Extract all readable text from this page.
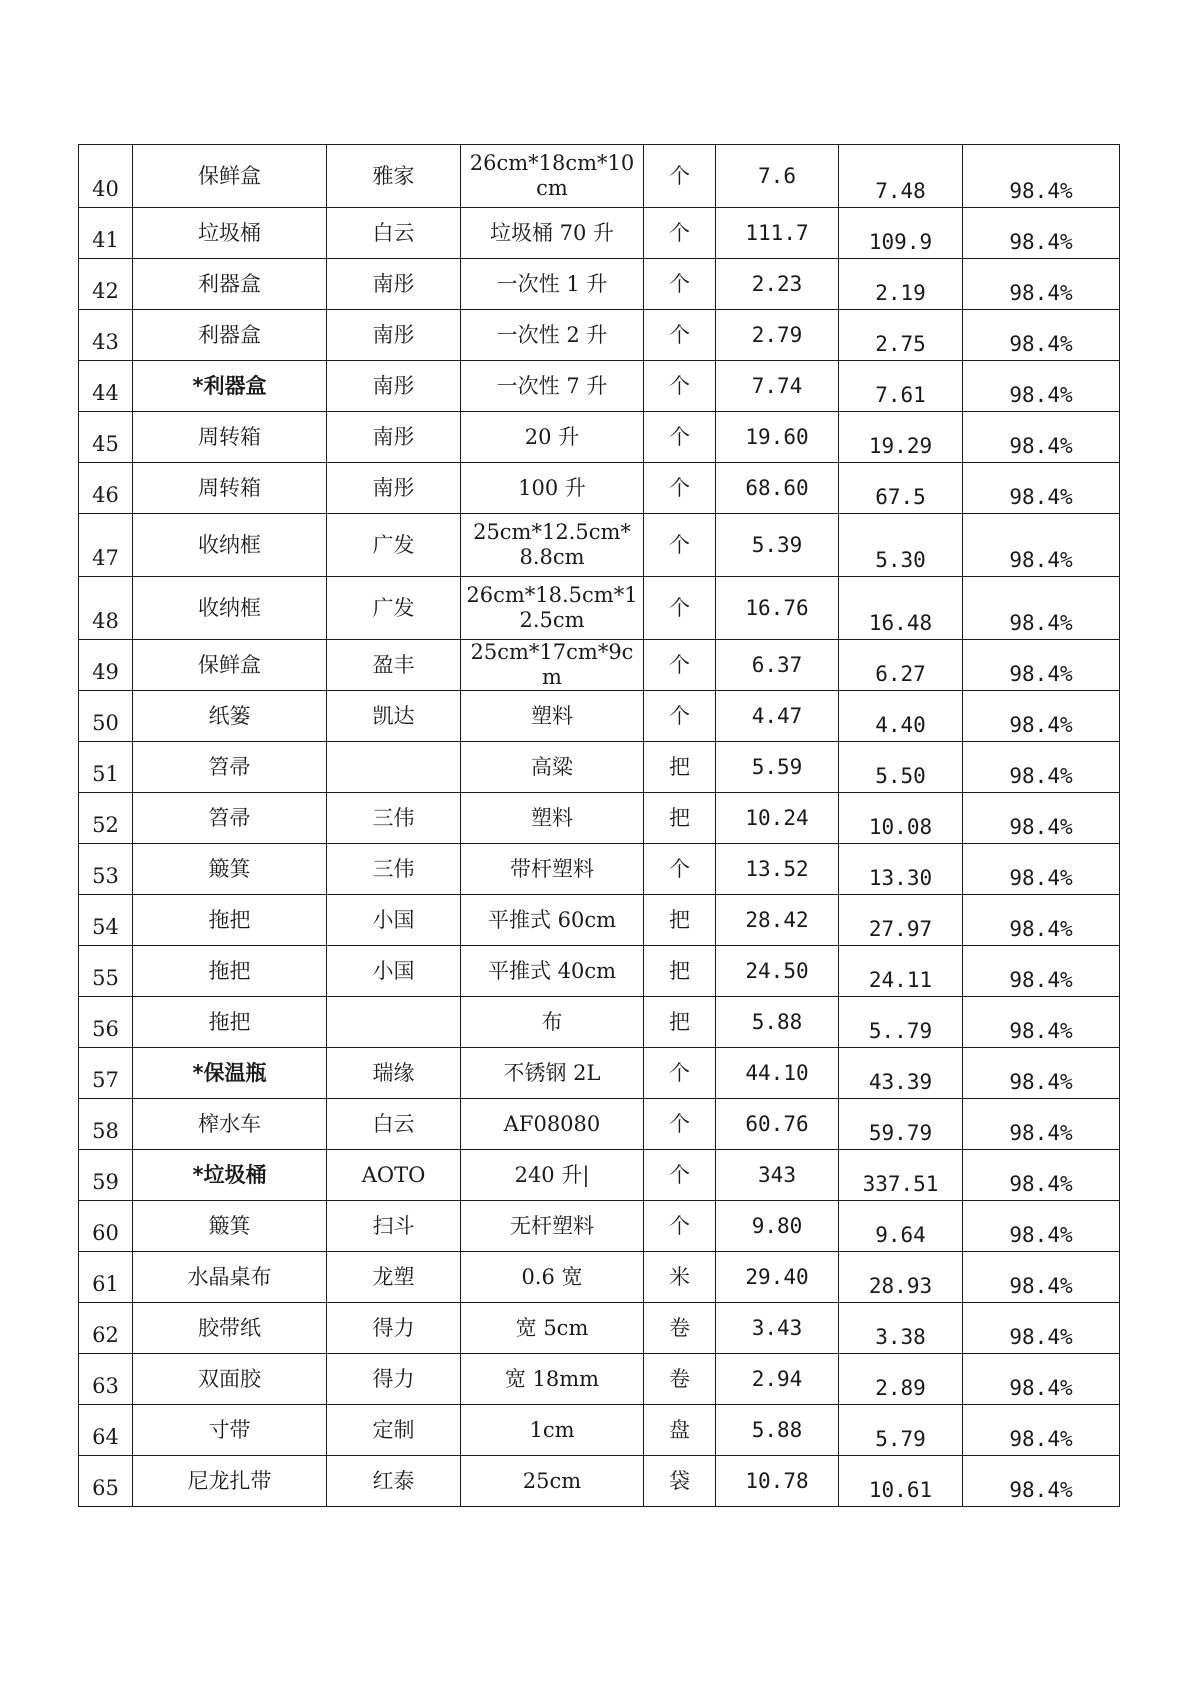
40	保鲜盒	雅家	26cm*18cm*10cm	个	7.6	7.48	98.4%
41	垃圾桶	白云	垃圾桶 70 升	个	111.7	109.9	98.4%
42	利器盒	南彤	一次性 1 升	个	2.23	2.19	98.4%
43	利器盒	南彤	一次性 2 升	个	2.79	2.75	98.4%
44	*利器盒	南彤	一次性 7 升	个	7.74	7.61	98.4%
45	周转箱	南彤	20 升	个	19.60	19.29	98.4%
46	周转箱	南彤	100 升	个	68.60	67.5	98.4%
47	收纳框	广发	25cm*12.5cm*8.8cm	个	5.39	5.30	98.4%
48	收纳框	广发	26cm*18.5cm*12.5cm	个	16.76	16.48	98.4%
49	保鲜盒	盈丰	25cm*17cm*9cm	个	6.37	6.27	98.4%
50	纸篓	凯达	塑料	个	4.47	4.40	98.4%
51	笤帚		高粱	把	5.59	5.50	98.4%
52	笤帚	三伟	塑料	把	10.24	10.08	98.4%
53	簸箕	三伟	带杆塑料	个	13.52	13.30	98.4%
54	拖把	小国	平推式 60cm	把	28.42	27.97	98.4%
55	拖把	小国	平推式 40cm	把	24.50	24.11	98.4%
56	拖把		布	把	5.88	5..79	98.4%
57	*保温瓶	瑞缘	不锈钢 2L	个	44.10	43.39	98.4%
58	榨水车	白云	AF08080	个	60.76	59.79	98.4%
59	*垃圾桶	AOTO	240 升|	个	343	337.51	98.4%
60	簸箕	扫斗	无杆塑料	个	9.80	9.64	98.4%
61	水晶桌布	龙塑	0.6 宽	米	29.40	28.93	98.4%
62	胶带纸	得力	宽 5cm	卷	3.43	3.38	98.4%
63	双面胶	得力	宽 18mm	卷	2.94	2.89	98.4%
64	寸带	定制	1cm	盘	5.88	5.79	98.4%
65	尼龙扎带	红泰	25cm	袋	10.78	10.61	98.4%
